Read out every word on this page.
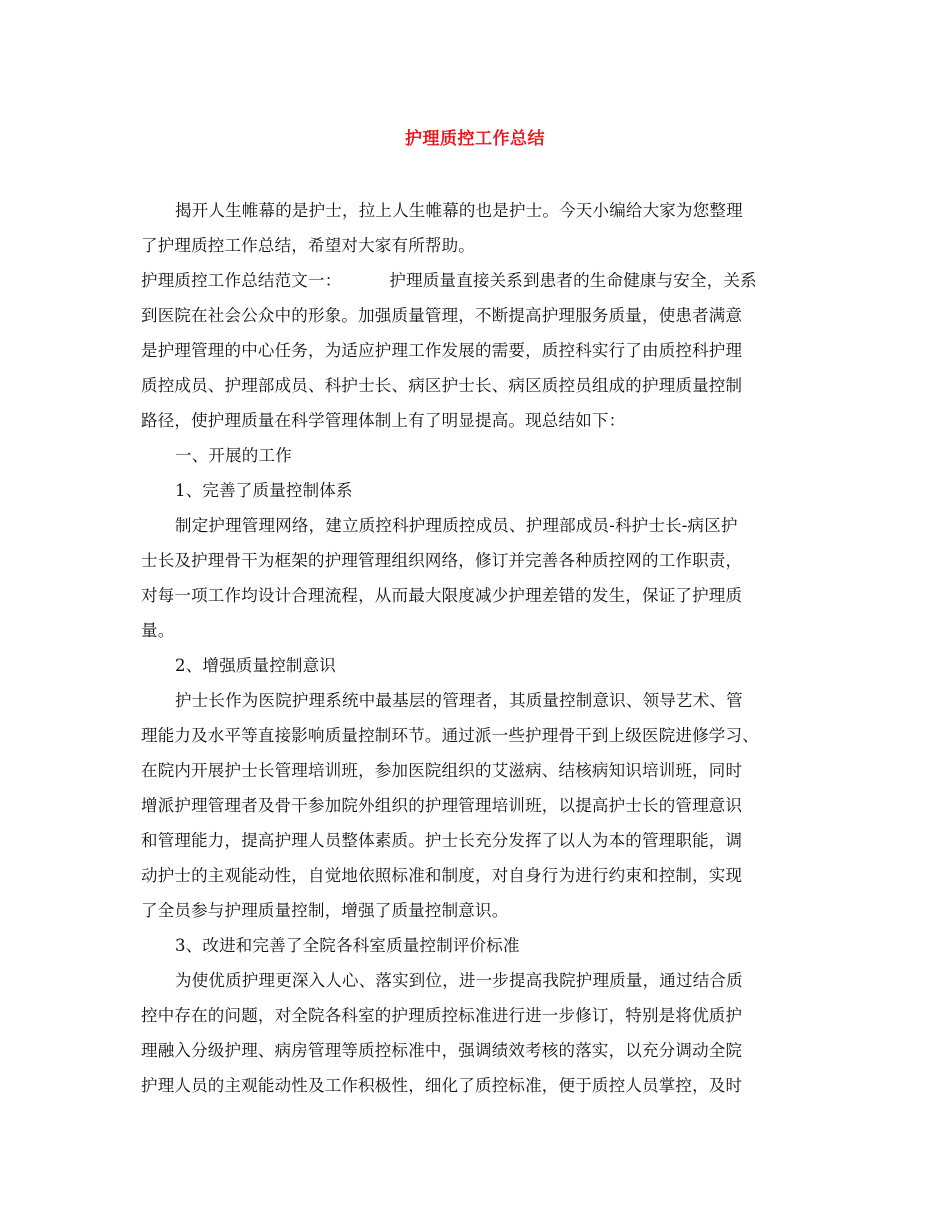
护理质控工作总结
揭开人生帷幕的是护士，拉上人生帷幕的也是护士。今天小编给大家为您整理
了护理质控工作总结，希望对大家有所帮助。
护理质控工作总结范文一：	护理质量直接关系到患者的生命健康与安全，关系
到医院在社会公众中的形象。加强质量管理，不断提高护理服务质量，使患者满意
是护理管理的中心任务，为适应护理工作发展的需要，质控科实行了由质控科护理
质控成员、护理部成员、科护士长、病区护士长、病区质控员组成的护理质量控制
路径，使护理质量在科学管理体制上有了明显提高。现总结如下：
一、开展的工作
1、完善了质量控制体系
制定护理管理网络，建立质控科护理质控成员、护理部成员-科护士长-病区护
士长及护理骨干为框架的护理管理组织网络，修订并完善各种质控网的工作职责，
对每一项工作均设计合理流程，从而最大限度减少护理差错的发生，保证了护理质
量。
2、增强质量控制意识
护士长作为医院护理系统中最基层的管理者，其质量控制意识、领导艺术、管
理能力及水平等直接影响质量控制环节。通过派一些护理骨干到上级医院进修学习、
在院内开展护士长管理培训班，参加医院组织的艾滋病、结核病知识培训班，同时
增派护理管理者及骨干参加院外组织的护理管理培训班，以提高护士长的管理意识
和管理能力，提高护理人员整体素质。护士长充分发挥了以人为本的管理职能，调
动护士的主观能动性，自觉地依照标准和制度，对自身行为进行约束和控制，实现
了全员参与护理质量控制，增强了质量控制意识。
3、改进和完善了全院各科室质量控制评价标准
为使优质护理更深入人心、落实到位，进一步提高我院护理质量，通过结合质
控中存在的问题，对全院各科室的护理质控标准进行进一步修订，特别是将优质护
理融入分级护理、病房管理等质控标准中，强调绩效考核的落实，以充分调动全院
护理人员的主观能动性及工作积极性，细化了质控标准，便于质控人员掌控，及时
